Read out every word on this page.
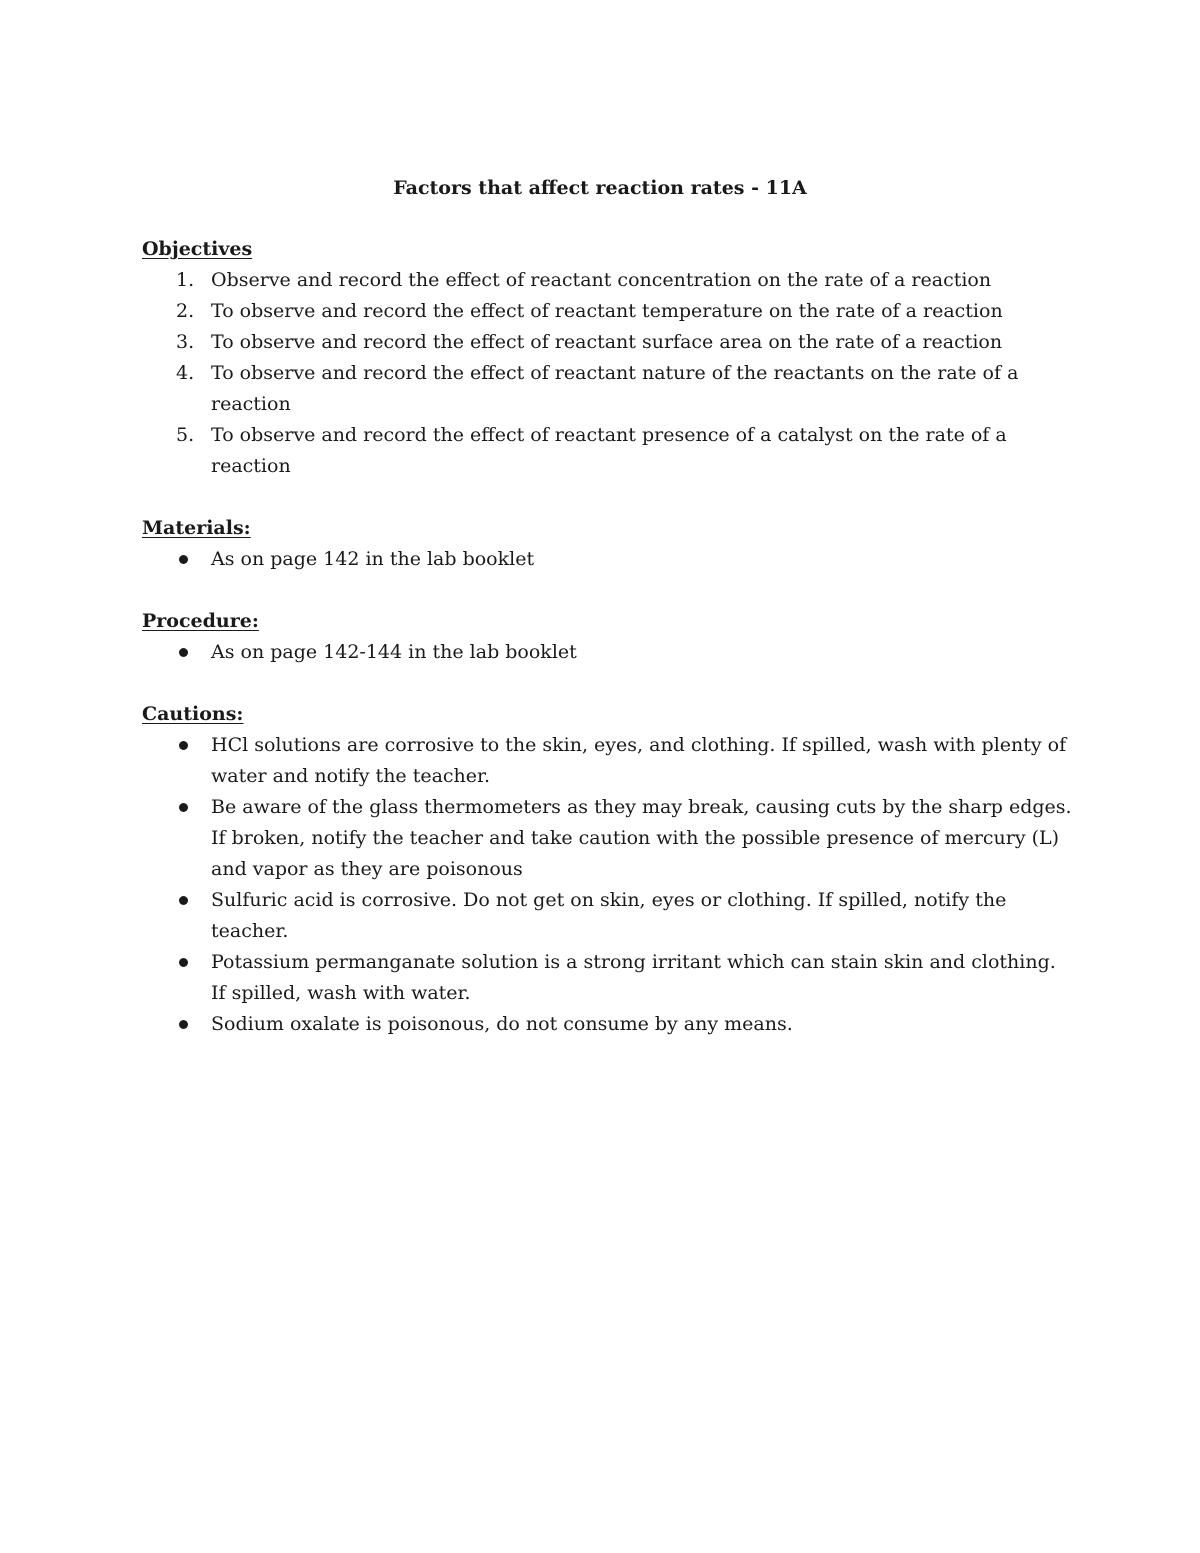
Factors that affect reaction rates - 11A

Objectives

1. Observe and record the effect of reactant concentration on the rate of a reaction
2. To observe and record the effect of reactant temperature on the rate of a reaction
3. To observe and record the effect of reactant surface area on the rate of a reaction
4. To observe and record the effect of reactant nature of the reactants on the rate of a reaction
5. To observe and record the effect of reactant presence of a catalyst on the rate of a reaction

Materials:

As on page 142 in the lab booklet

Procedure:

As on page 142-144 in the lab booklet

Cautions:

HCl solutions are corrosive to the skin, eyes, and clothing. If spilled, wash with plenty of water and notify the teacher.
Be aware of the glass thermometers as they may break, causing cuts by the sharp edges. If broken, notify the teacher and take caution with the possible presence of mercury (L) and vapor as they are poisonous
Sulfuric acid is corrosive. Do not get on skin, eyes or clothing. If spilled, notify the teacher.
Potassium permanganate solution is a strong irritant which can stain skin and clothing. If spilled, wash with water.
Sodium oxalate is poisonous, do not consume by any means.
